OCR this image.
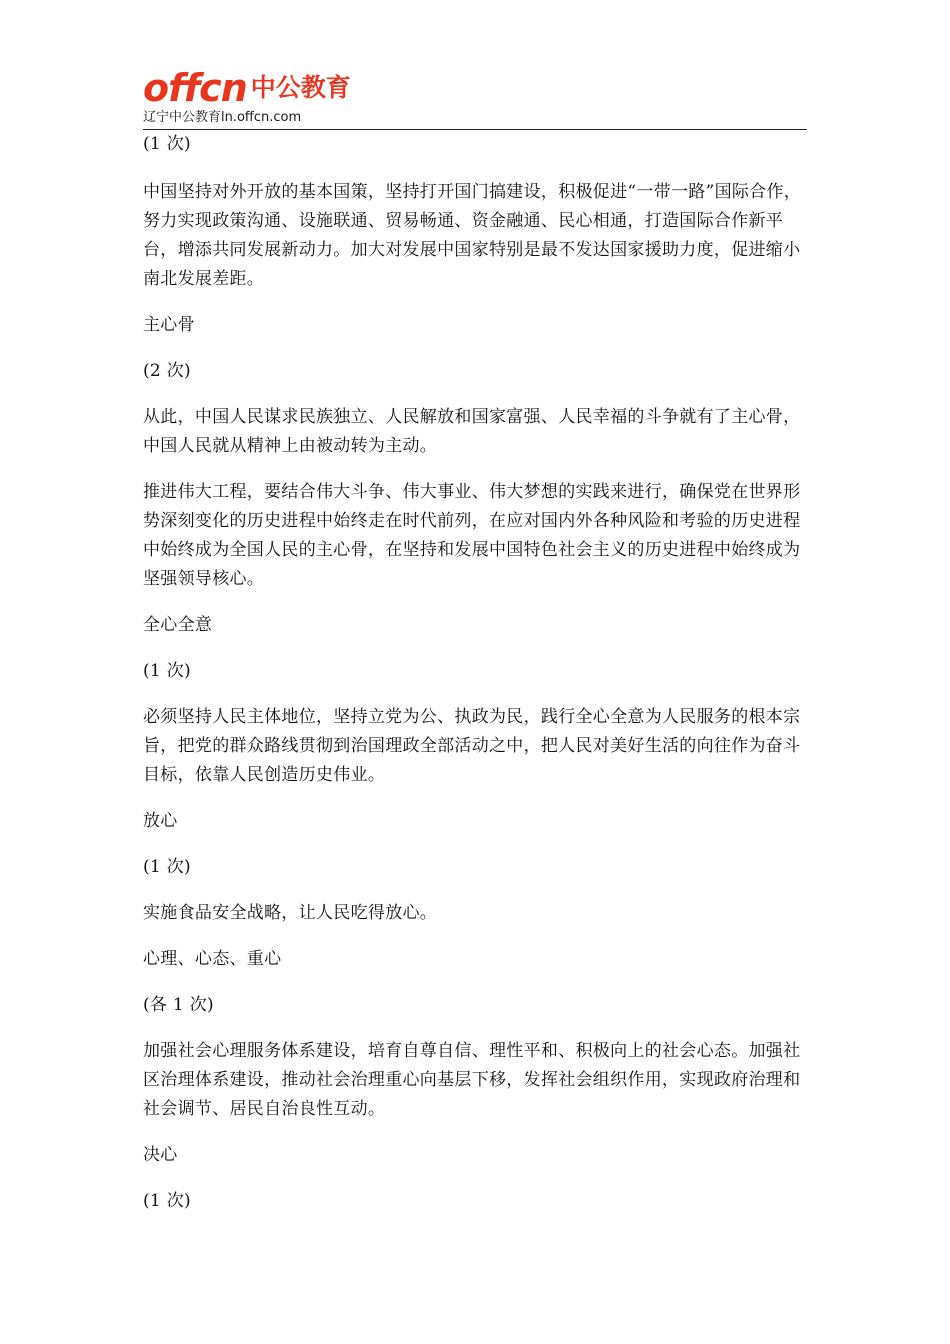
offcn 中公教育
辽宁中公教育ln.offcn.com

(1 次)

中国坚持对外开放的基本国策，坚持打开国门搞建设，积极促进“一带一路”国际合作，努力实现政策沟通、设施联通、贸易畅通、资金融通、民心相通，打造国际合作新平台，增添共同发展新动力。加大对发展中国家特别是最不发达国家援助力度，促进缩小南北发展差距。

主心骨

(2 次)

从此，中国人民谋求民族独立、人民解放和国家富强、人民幸福的斗争就有了主心骨，中国人民就从精神上由被动转为主动。

推进伟大工程，要结合伟大斗争、伟大事业、伟大梦想的实践来进行，确保党在世界形势深刻变化的历史进程中始终走在时代前列，在应对国内外各种风险和考验的历史进程中始终成为全国人民的主心骨，在坚持和发展中国特色社会主义的历史进程中始终成为坚强领导核心。

全心全意

(1 次)

必须坚持人民主体地位，坚持立党为公、执政为民，践行全心全意为人民服务的根本宗旨，把党的群众路线贯彻到治国理政全部活动之中，把人民对美好生活的向往作为奋斗目标，依靠人民创造历史伟业。

放心

(1 次)

实施食品安全战略，让人民吃得放心。

心理、心态、重心

(各 1 次)

加强社会心理服务体系建设，培育自尊自信、理性平和、积极向上的社会心态。加强社区治理体系建设，推动社会治理重心向基层下移，发挥社会组织作用，实现政府治理和社会调节、居民自治良性互动。

决心

(1 次)
